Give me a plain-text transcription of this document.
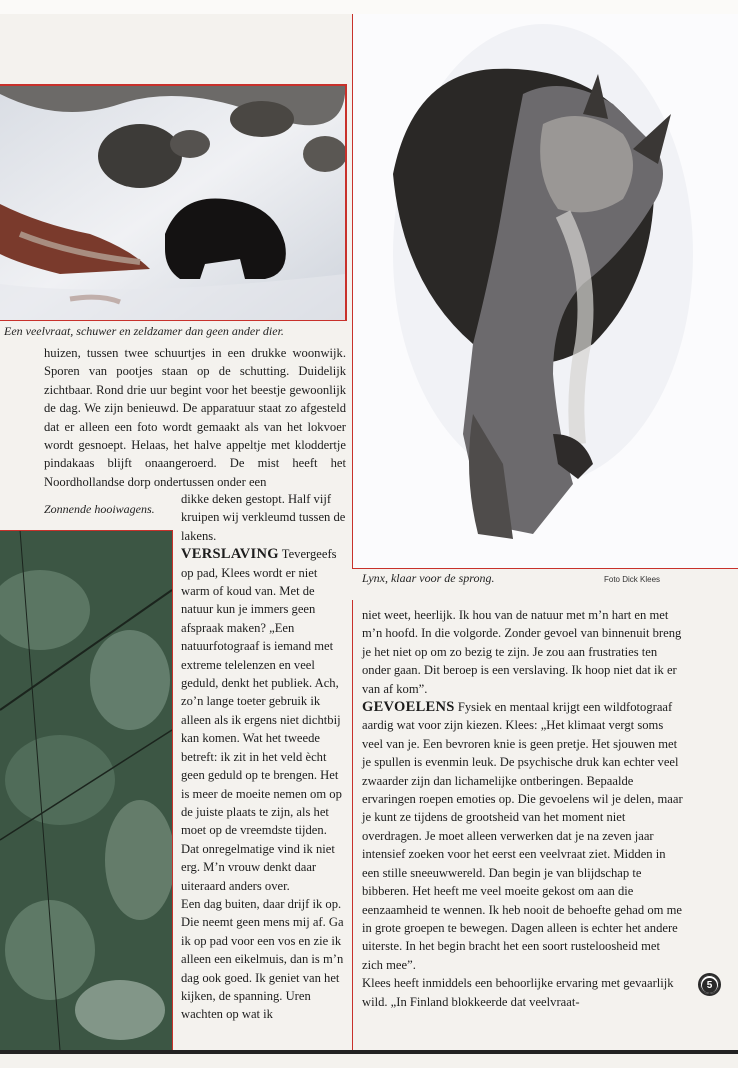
Een veelvraat, schuwer en zeldzamer dan geen ander dier.
Lynx, klaar voor de sprong.	Foto Dick Klees
Zonnende hooiwagens.

huizen, tussen twee schuurtjes in een drukke woonwijk. Sporen van pootjes staan op de schutting. Duidelijk zichtbaar. Rond drie uur begint voor het beestje gewoonlijk de dag. We zijn benieuwd. De apparatuur staat zo afgesteld dat er alleen een foto wordt gemaakt als van het lokvoer wordt gesnoept. Helaas, het halve appeltje met kloddertje pindakaas blijft onaangeroerd. De mist heeft het Noordhollandse dorp ondertussen onder een

dikke deken gestopt. Half vijf kruipen wij verkleumd tussen de lakens.

VERSLAVING Tevergeefs op pad, Klees wordt er niet warm of koud van. Met de natuur kun je immers geen afspraak maken? „Een natuurfotograaf is iemand met extreme telelenzen en veel geduld, denkt het publiek. Ach, zo’n lange toeter gebruik ik alleen als ik ergens niet dichtbij kan komen. Wat het tweede betreft: ik zit in het veld ècht geen geduld op te brengen. Het is meer de moeite nemen om op de juiste plaats te zijn, als het moet op de vreemdste tijden. Dat onregelmatige vind ik niet erg. M’n vrouw denkt daar uiteraard anders over.

Een dag buiten, daar drijf ik op. Die neemt geen mens mij af. Ga ik op pad voor een vos en zie ik alleen een eikelmuis, dan is m’n dag ook goed. Ik geniet van het kijken, de spanning. Uren wachten op wat ik

niet weet, heerlijk. Ik hou van de natuur met m’n hart en met m’n hoofd. In die volgorde. Zonder gevoel van binnenuit breng je het niet op om zo bezig te zijn. Je zou aan frustraties ten onder gaan. Dit beroep is een verslaving. Ik hoop niet dat ik er van af kom”.

GEVOELENS Fysiek en mentaal krijgt een wildfotograaf aardig wat voor zijn kiezen. Klees: „Het klimaat vergt soms veel van je. Een bevroren knie is geen pretje. Het sjouwen met je spullen is evenmin leuk. De psychische druk kan echter veel zwaarder zijn dan lichamelijke ontberingen. Bepaalde ervaringen roepen emoties op. Die gevoelens wil je delen, maar je kunt ze tijdens de grootsheid van het moment niet overdragen. Je moet alleen verwerken dat je na zeven jaar intensief zoeken voor het eerst een veelvraat ziet. Midden in een stille sneeuwwereld. Dan begin je van blijdschap te bibberen. Het heeft me veel moeite gekost om aan die eenzaamheid te wennen. Ik heb nooit de behoefte gehad om me in grote groepen te bewegen. Dagen alleen is echter het andere uiterste. In het begin bracht het een soort rusteloosheid met zich mee”.

Klees heeft inmiddels een behoorlijke ervaring met gevaarlijk wild. „In Finland blokkeerde dat veelvraat-

5
